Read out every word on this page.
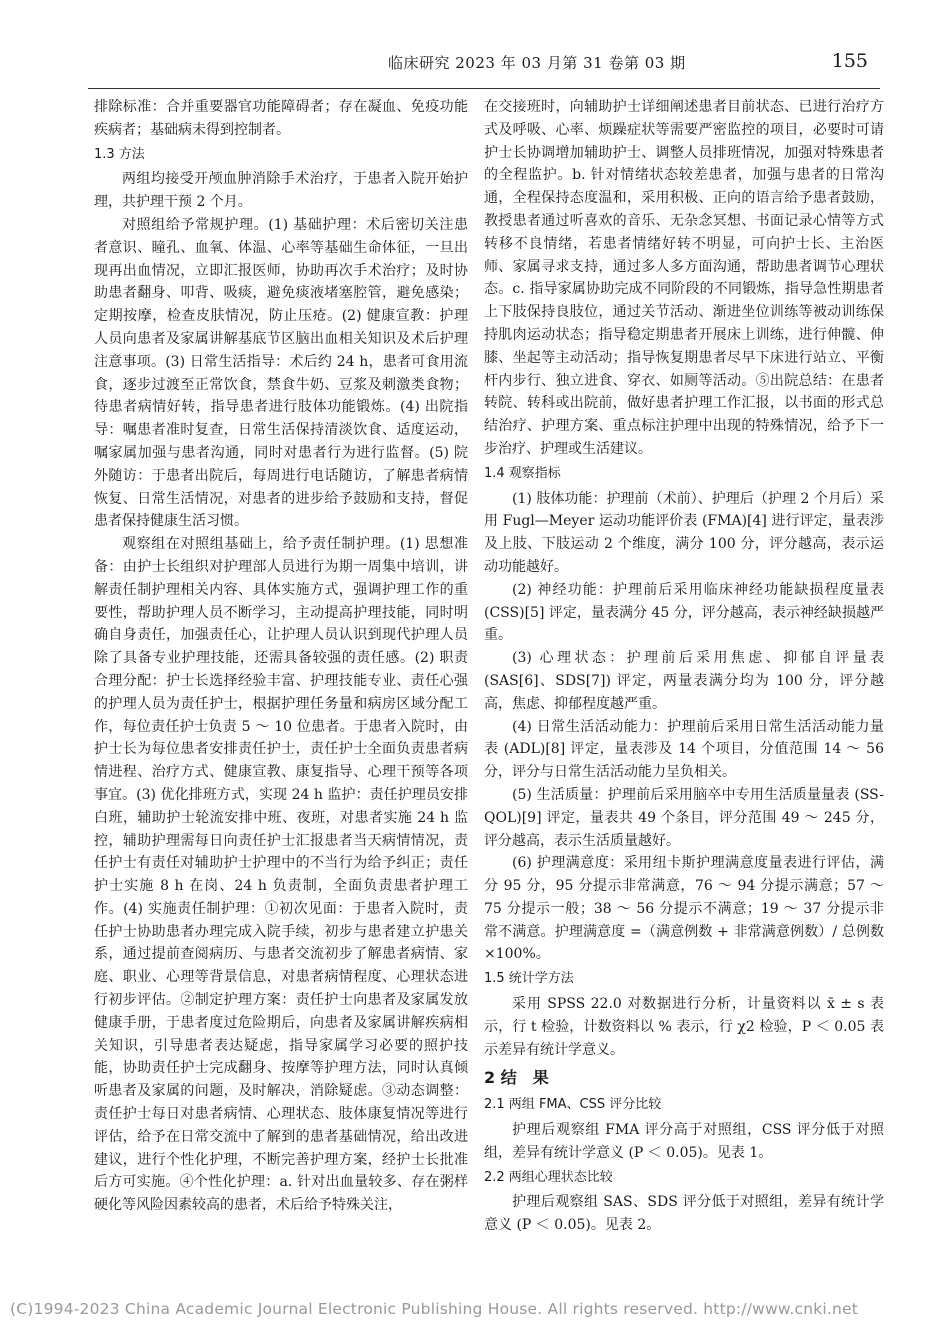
临床研究 2023 年 03 月第 31 卷第 03 期	155

排除标准：合并重要器官功能障碍者；存在凝血、免疫功能疾病者；基础病未得到控制者。

1.3 方法

两组均接受开颅血肿消除手术治疗，于患者入院开始护理，共护理干预 2 个月。

对照组给予常规护理。(1) 基础护理：术后密切关注患者意识、瞳孔、血氧、体温、心率等基础生命体征，一旦出现再出血情况，立即汇报医师，协助再次手术治疗；及时协助患者翻身、叩背、吸痰，避免痰液堵塞腔管，避免感染；定期按摩，检查皮肤情况，防止压疮。(2) 健康宣教：护理人员向患者及家属讲解基底节区脑出血相关知识及术后护理注意事项。(3) 日常生活指导：术后约 24 h，患者可食用流食，逐步过渡至正常饮食，禁食牛奶、豆浆及刺激类食物；待患者病情好转，指导患者进行肢体功能锻炼。(4) 出院指导：嘱患者准时复查，日常生活保持清淡饮食、适度运动，嘱家属加强与患者沟通，同时对患者行为进行监督。(5) 院外随访：于患者出院后，每周进行电话随访，了解患者病情恢复、日常生活情况，对患者的进步给予鼓励和支持，督促患者保持健康生活习惯。

观察组在对照组基础上，给予责任制护理。(1) 思想准备：由护士长组织对护理部人员进行为期一周集中培训，讲解责任制护理相关内容、具体实施方式，强调护理工作的重要性，帮助护理人员不断学习，主动提高护理技能，同时明确自身责任，加强责任心，让护理人员认识到现代护理人员除了具备专业护理技能，还需具备较强的责任感。(2) 职责合理分配：护士长选择经验丰富、护理技能专业、责任心强的护理人员为责任护士，根据护理任务量和病房区域分配工作，每位责任护士负责 5 ～ 10 位患者。于患者入院时，由护士长为每位患者安排责任护士，责任护士全面负责患者病情进程、治疗方式、健康宣教、康复指导、心理干预等各项事宜。(3) 优化排班方式，实现 24 h 监护：责任护理员安排白班，辅助护士轮流安排中班、夜班，对患者实施 24 h 监控，辅助护理需每日向责任护士汇报患者当天病情情况，责任护士有责任对辅助护士护理中的不当行为给予纠正；责任护士实施 8 h 在岗、24 h 负责制，全面负责患者护理工作。(4) 实施责任制护理：①初次见面：于患者入院时，责任护士协助患者办理完成入院手续，初步与患者建立护患关系，通过提前查阅病历、与患者交流初步了解患者病情、家庭、职业、心理等背景信息，对患者病情程度、心理状态进行初步评估。②制定护理方案：责任护士向患者及家属发放健康手册，于患者度过危险期后，向患者及家属讲解疾病相关知识，引导患者表达疑虑，指导家属学习必要的照护技能，协助责任护士完成翻身、按摩等护理方法，同时认真倾听患者及家属的问题，及时解决，消除疑虑。③动态调整：责任护士每日对患者病情、心理状态、肢体康复情况等进行评估，给予在日常交流中了解到的患者基础情况，给出改进建议，进行个性化护理，不断完善护理方案，经护士长批准后方可实施。④个性化护理：a. 针对出血量较多、存在粥样硬化等风险因素较高的患者，术后给予特殊关注，

在交接班时，向辅助护士详细阐述患者目前状态、已进行治疗方式及呼吸、心率、烦躁症状等需要严密监控的项目，必要时可请护士长协调增加辅助护士、调整人员排班情况，加强对特殊患者的全程监护。b. 针对情绪状态较差患者，加强与患者的日常沟通，全程保持态度温和，采用积极、正向的语言给予患者鼓励，教授患者通过听喜欢的音乐、无杂念冥想、书面记录心情等方式转移不良情绪，若患者情绪好转不明显，可向护士长、主治医师、家属寻求支持，通过多人多方面沟通，帮助患者调节心理状态。c. 指导家属协助完成不同阶段的不同锻炼，指导急性期患者上下肢保持良肢位，通过关节活动、渐进坐位训练等被动训练保持肌肉运动状态；指导稳定期患者开展床上训练，进行伸髋、伸膝、坐起等主动活动；指导恢复期患者尽早下床进行站立、平衡杆内步行、独立进食、穿衣、如厕等活动。⑤出院总结：在患者转院、转科或出院前，做好患者护理工作汇报，以书面的形式总结治疗、护理方案、重点标注护理中出现的特殊情况，给予下一步治疗、护理或生活建议。

1.4 观察指标

(1) 肢体功能：护理前（术前）、护理后（护理 2 个月后）采用 Fugl—Meyer 运动功能评价表 (FMA)[4] 进行评定，量表涉及上肢、下肢运动 2 个维度，满分 100 分，评分越高，表示运动功能越好。

(2) 神经功能：护理前后采用临床神经功能缺损程度量表 (CSS)[5] 评定，量表满分 45 分，评分越高，表示神经缺损越严重。

(3) 心理状态：护理前后采用焦虑、抑郁自评量表 (SAS[6]、SDS[7]) 评定，两量表满分均为 100 分，评分越高，焦虑、抑郁程度越严重。

(4) 日常生活活动能力：护理前后采用日常生活活动能力量表 (ADL)[8] 评定，量表涉及 14 个项目，分值范围 14 ～ 56 分，评分与日常生活活动能力呈负相关。

(5) 生活质量：护理前后采用脑卒中专用生活质量量表 (SS-QOL)[9] 评定，量表共 49 个条目，评分范围 49 ～ 245 分，评分越高，表示生活质量越好。

(6) 护理满意度：采用纽卡斯护理满意度量表进行评估，满分 95 分，95 分提示非常满意，76 ～ 94 分提示满意；57 ～ 75 分提示一般；38 ～ 56 分提示不满意；19 ～ 37 分提示非常不满意。护理满意度 =（满意例数 + 非常满意例数）/ 总例数 ×100%。

1.5 统计学方法

采用 SPSS 22.0 对数据进行分析，计量资料以 x̄ ± s 表示，行 t 检验，计数资料以 % 表示，行 χ2 检验，P ＜ 0.05 表示差异有统计学意义。

2 结　果

2.1 两组 FMA、CSS 评分比较

护理后观察组 FMA 评分高于对照组，CSS 评分低于对照组，差异有统计学意义 (P ＜ 0.05)。见表 1。

2.2 两组心理状态比较

护理后观察组 SAS、SDS 评分低于对照组，差异有统计学意义 (P ＜ 0.05)。见表 2。

(C)1994-2023 China Academic Journal Electronic Publishing House. All rights reserved. http://www.cnki.net
